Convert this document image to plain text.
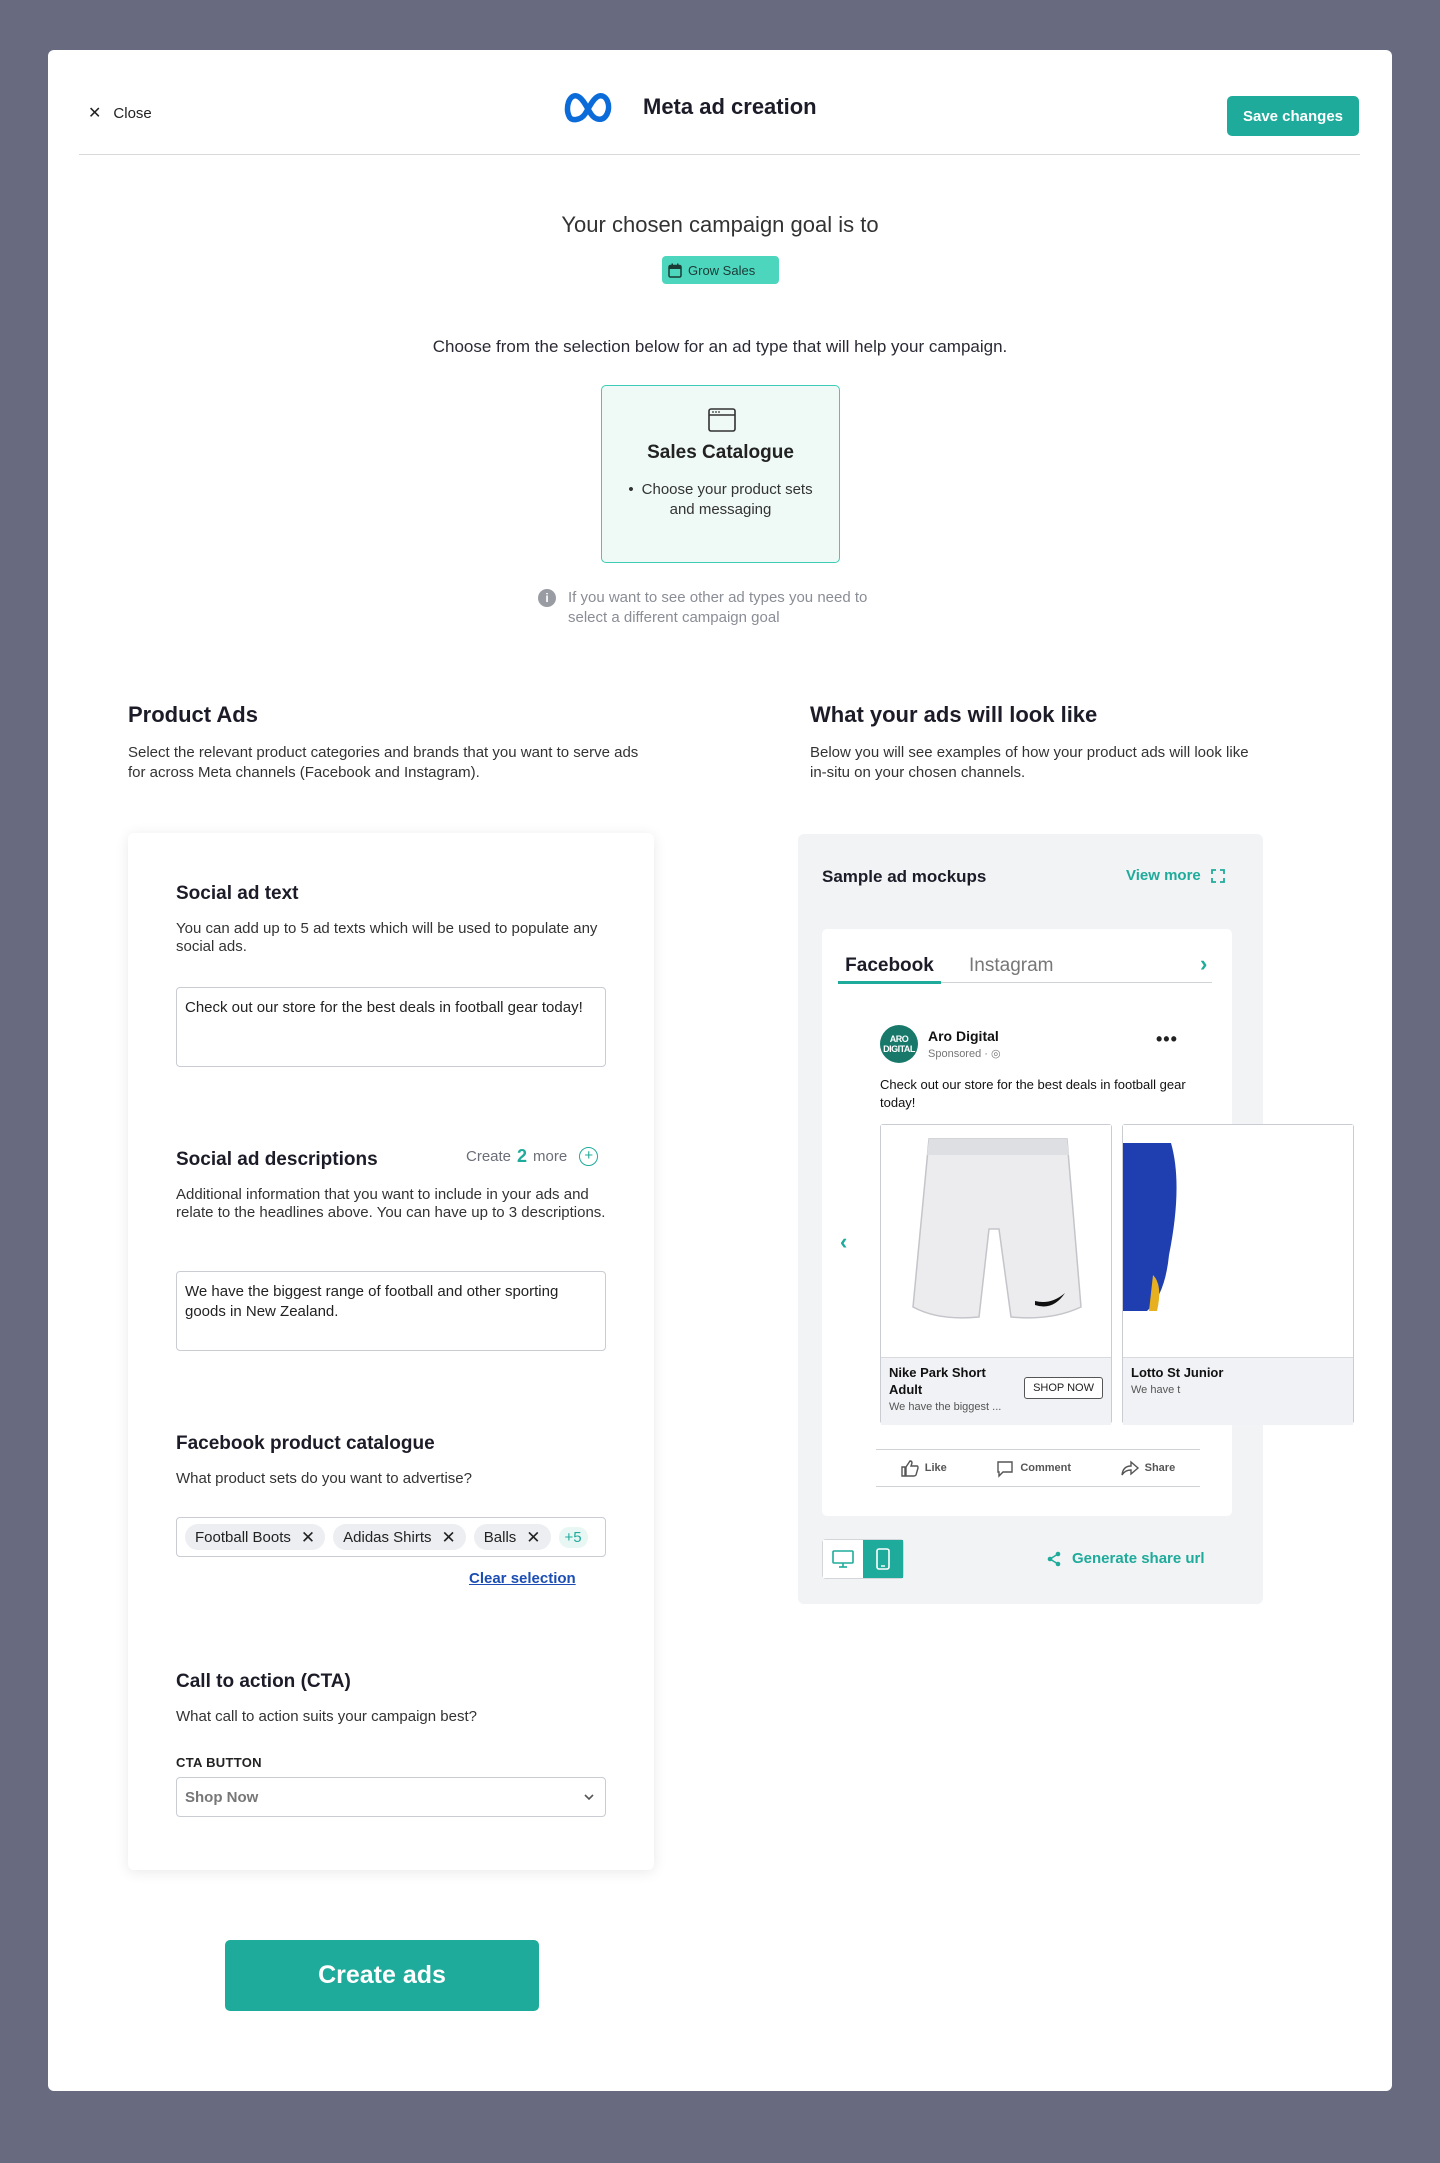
✕ Close	Meta ad creation	Save changes
Your chosen campaign goal is to
Grow Sales
Choose from the selection below for an ad type that will help your campaign.
Sales Catalogue
• Choose your product sets and messaging
i	If you want to see other ad types you need to select a different campaign goal
Product Ads
Select the relevant product categories and brands that you want to serve ads for across Meta channels (Facebook and Instagram).
What your ads will look like
Below you will see examples of how your product ads will look like in-situ on your chosen channels.
Social ad text
You can add up to 5 ad texts which will be used to populate any social ads.
Check out our store for the best deals in football gear today!
Social ad descriptions	Create 2 more	+
Additional information that you want to include in your ads and relate to the headlines above. You can have up to 3 descriptions.
We have the biggest range of football and other sporting goods in New Zealand.
Facebook product catalogue
What product sets do you want to advertise?
Football Boots ✕ Adidas Shirts ✕ Balls ✕	+5
Clear selection
Call to action (CTA)
What call to action suits your campaign best?
CTA BUTTON
Shop Now
Create ads
Sample ad mockups	View more
Facebook	Instagram	›
ARO DIGITAL
Aro Digital
Sponsored · ◎
•••
Check out our store for the best deals in football gear today!
‹
Nike Park Short Adult
We have the biggest ...
SHOP NOW
Lotto St Junior
We have t
Like	Comment	Share
Generate share url
